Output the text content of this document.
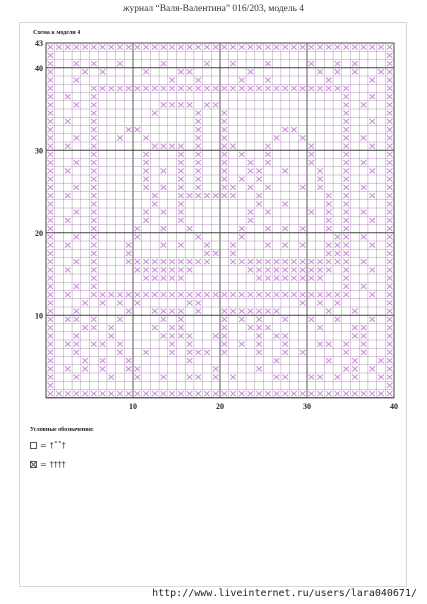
журнал “Валя-Валентина” 016/203, модель 4
Схема к модели 4
10	20	30	40
10
20
30
40
43
Условные обозначения:
= †˚˚†
= ††††
http://www.liveinternet.ru/users/lara040671/
